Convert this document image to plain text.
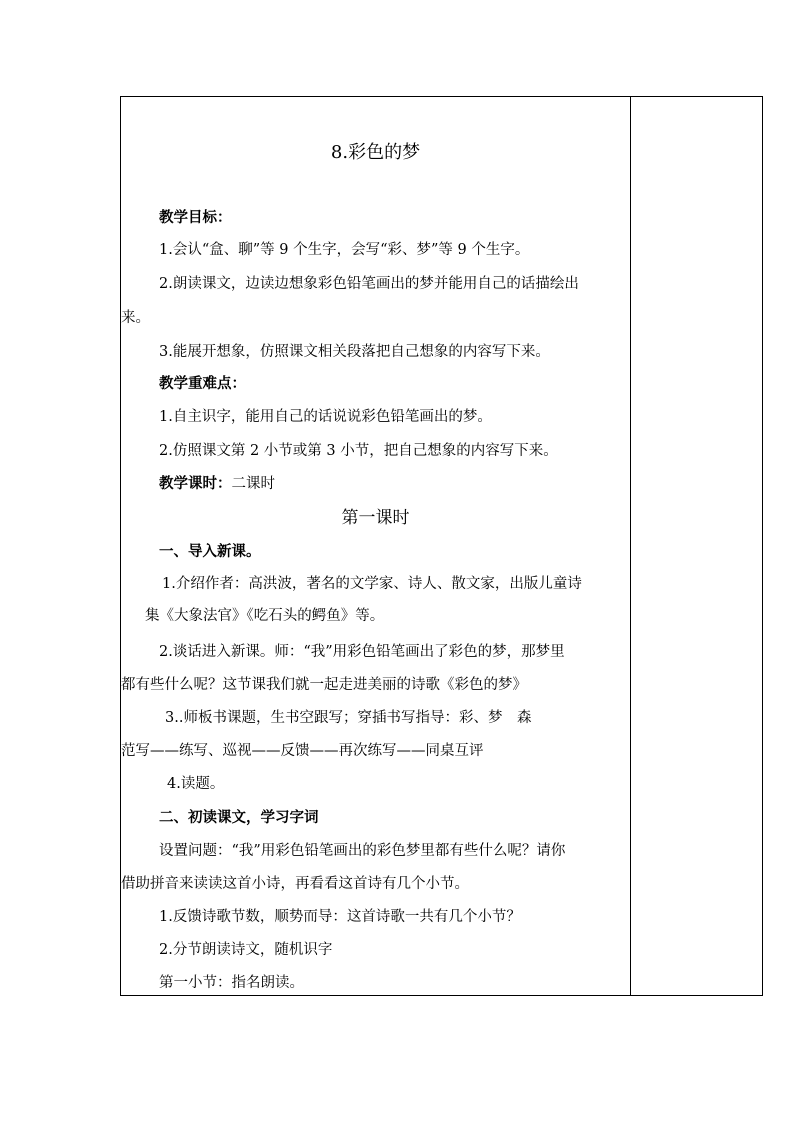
8.彩色的梦
教学目标：
1.会认“盒、聊”等 9 个生字，会写“彩、梦”等 9 个生字。
2.朗读课文，边读边想象彩色铅笔画出的梦并能用自己的话描绘出
来。
3.能展开想象，仿照课文相关段落把自己想象的内容写下来。
教学重难点：
1.自主识字，能用自己的话说说彩色铅笔画出的梦。
2.仿照课文第 2 小节或第 3 小节，把自己想象的内容写下来。
教学课时：二课时
第一课时
一、导入新课。
1.介绍作者：高洪波，著名的文学家、诗人、散文家，出版儿童诗
集《大象法官》《吃石头的鳄鱼》等。
2.谈话进入新课。师：“我”用彩色铅笔画出了彩色的梦，那梦里
都有些什么呢？这节课我们就一起走进美丽的诗歌《彩色的梦》
3..师板书课题，生书空跟写；穿插书写指导：彩、梦　森
范写——练写、巡视——反馈——再次练写——同桌互评
4.读题。
二、初读课文，学习字词
设置问题：“我”用彩色铅笔画出的彩色梦里都有些什么呢？请你
借助拼音来读读这首小诗，再看看这首诗有几个小节。
1.反馈诗歌节数，顺势而导：这首诗歌一共有几个小节？
2.分节朗读诗文，随机识字
第一小节：指名朗读。
